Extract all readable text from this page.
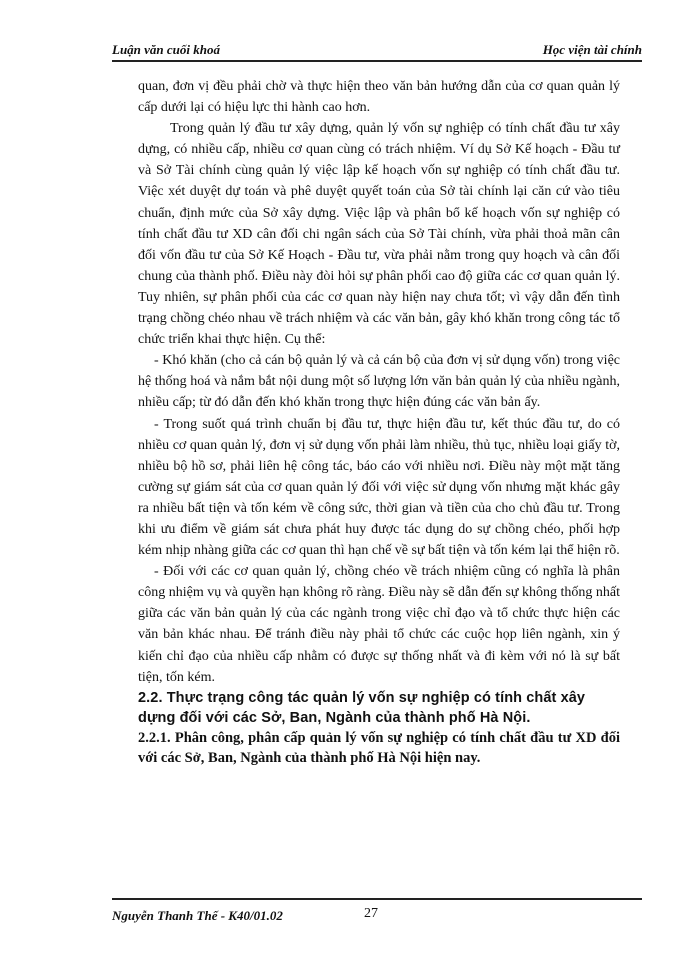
Luận văn cuối khoá	Học viện tài chính

quan, đơn vị đều phải chờ và thực hiện theo văn bản hướng dẫn của cơ quan quản lý cấp dưới lại có hiệu lực thi hành cao hơn.

Trong quản lý đầu tư xây dựng, quản lý vốn sự nghiệp có tính chất đầu tư xây dựng, có nhiều cấp, nhiều cơ quan cùng có trách nhiệm. Ví dụ Sở Kế hoạch - Đầu tư và Sở Tài chính cùng quản lý việc lập kế hoạch vốn sự nghiệp có tính chất đầu tư. Việc xét duyệt dự toán và phê duyệt quyết toán của Sở tài chính lại căn cứ vào tiêu chuẩn, định mức của Sở xây dựng. Việc lập và phân bổ kế hoạch vốn sự nghiệp có tính chất đầu tư XD cân đối chi ngân sách của Sở Tài chính, vừa phải thoả mãn cân đối vốn đầu tư của Sở Kế Hoạch - Đầu tư, vừa phải nằm trong quy hoạch và cân đối chung của thành phố. Điều này đòi hỏi sự phân phối cao độ giữa các cơ quan quản lý. Tuy nhiên, sự phân phối của các cơ quan này hiện nay chưa tốt; vì vậy dẫn đến tình trạng chồng chéo nhau về trách nhiệm và các văn bản, gây khó khăn trong công tác tổ chức triển khai thực hiện. Cụ thể:

- Khó khăn (cho cả cán bộ quản lý và cả cán bộ của đơn vị sử dụng vốn) trong việc hệ thống hoá và nắm bắt nội dung một số lượng lớn văn bản quản lý của nhiều ngành, nhiều cấp; từ đó dẫn đến khó khăn trong thực hiện đúng các văn bản ấy.

- Trong suốt quá trình chuẩn bị đầu tư, thực hiện đầu tư, kết thúc đầu tư, do có nhiều cơ quan quản lý, đơn vị sử dụng vốn phải làm nhiều, thủ tục, nhiều loại giấy tờ, nhiều bộ hồ sơ, phải liên hệ công tác, báo cáo với nhiều nơi. Điều này một mặt tăng cường sự giám sát của cơ quan quản lý đối với việc sử dụng vốn nhưng mặt khác gây ra nhiều bất tiện và tốn kém về công sức, thời gian và tiền của cho chủ đầu tư. Trong khi ưu điểm về giám sát chưa phát huy được tác dụng do sự chồng chéo, phối hợp kém nhịp nhàng giữa các cơ quan thì hạn chế về sự bất tiện và tốn kém lại thể hiện rõ.

- Đối với các cơ quan quản lý, chồng chéo về trách nhiệm cũng có nghĩa là phân công nhiệm vụ và quyền hạn không rõ ràng. Điều này sẽ dẫn đến sự không thống nhất giữa các văn bản quản lý của các ngành trong việc chỉ đạo và tổ chức thực hiện các văn bản khác nhau. Để tránh điều này phải tổ chức các cuộc họp liên ngành, xin ý kiến chỉ đạo của nhiều cấp nhằm có được sự thống nhất và đi kèm với nó là sự bất tiện, tốn kém.

2.2. Thực trạng công tác quản lý vốn sự nghiệp có tính chất xây dựng đối với các Sở, Ban, Ngành của thành phố Hà Nội.

2.2.1. Phân công, phân cấp quản lý vốn sự nghiệp có tính chất đầu tư XD đối với các Sở, Ban, Ngành của thành phố Hà Nội hiện nay.

Nguyễn Thanh Thế - K40/01.02	27
